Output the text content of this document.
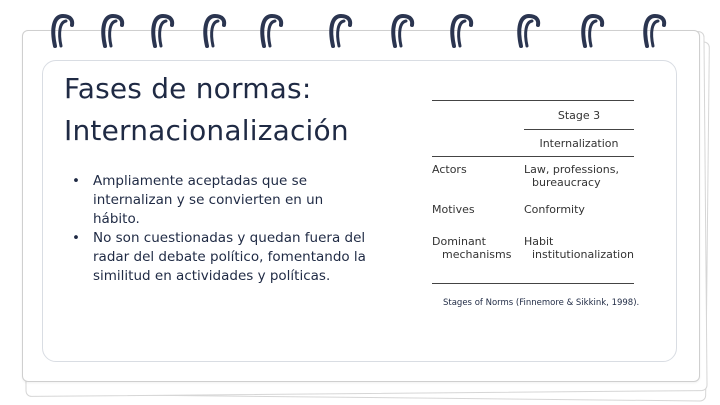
Fases de normas:
Internacionalización
• Ampliamente aceptadas que se internalizan y se convierten en un hábito.
• No son cuestionadas y quedan fuera del radar del debate político, fomentando la similitud en actividades y políticas.
Stage 3
Internalization
Actors	Law, professions,
bureaucracy
Motives	Conformity
Dominant
mechanisms
Habit
institutionalization

Stages of Norms (Finnemore & Sikkink, 1998).
